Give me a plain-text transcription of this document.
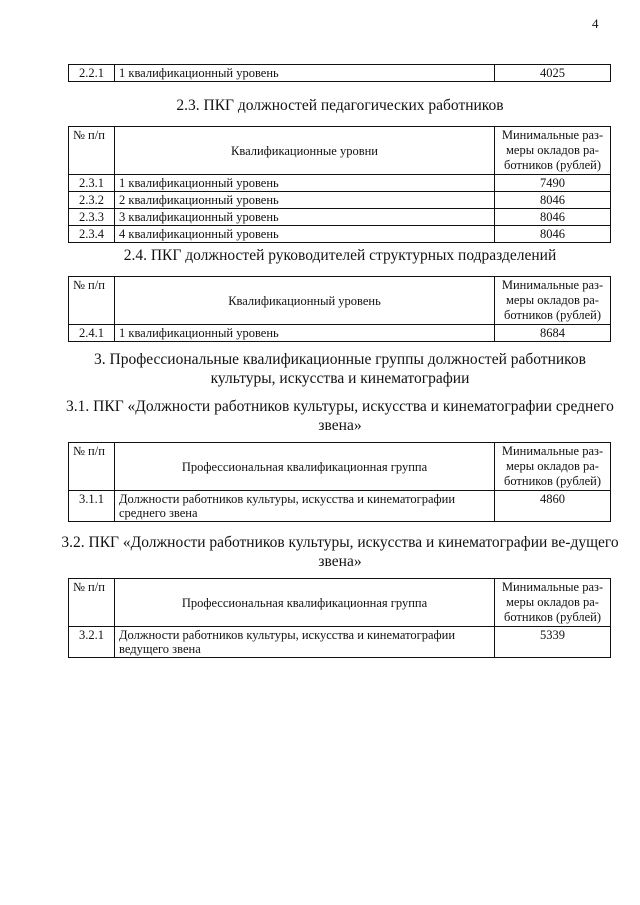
4
2.2.1	1 квалификационный уровень	4025
2.3. ПКГ должностей педагогических работников
№ п/п	Квалификационные уровни	Минимальные раз-меры окладов ра-ботников (рублей)
2.3.1	1 квалификационный уровень	7490
2.3.2	2 квалификационный уровень	8046
2.3.3	3 квалификационный уровень	8046
2.3.4	4 квалификационный уровень	8046
2.4. ПКГ должностей руководителей структурных подразделений
№ п/п	Квалификационный уровень	Минимальные раз-меры окладов ра-ботников (рублей)
2.4.1	1 квалификационный уровень	8684
3. Профессиональные квалификационные группы должностей работников культуры, искусства и кинематографии
3.1. ПКГ «Должности работников культуры, искусства и кинематографии среднего звена»
№ п/п	Профессиональная квалификационная группа	Минимальные раз-меры окладов ра-ботников (рублей)
3.1.1	Должности работников культуры, искусства и кинематографии среднего звена	4860
3.2. ПКГ «Должности работников культуры, искусства и кинематографии ве-дущего звена»
№ п/п	Профессиональная квалификационная группа	Минимальные раз-меры окладов ра-ботников (рублей)
3.2.1	Должности работников культуры, искусства и кинематографии ведущего звена	5339
